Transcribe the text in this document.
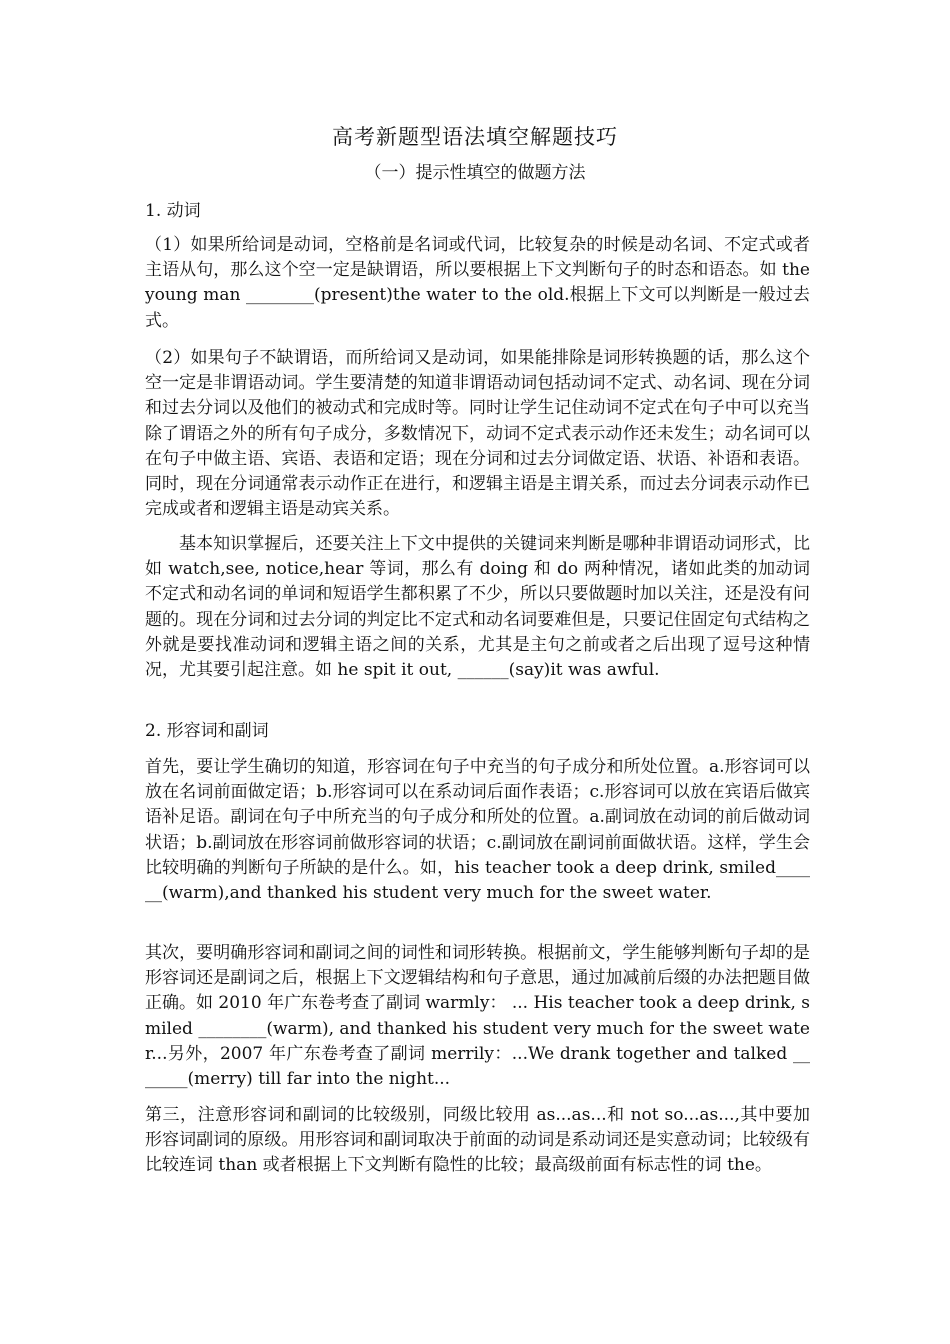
高考新题型语法填空解题技巧
（一）提示性填空的做题方法
1. 动词
（1）如果所给词是动词，空格前是名词或代词，比较复杂的时候是动名词、不定式或者主语从句，那么这个空一定是缺谓语，所以要根据上下文判断句子的时态和语态。如 the young man ________(present)the water to the old.根据上下文可以判断是一般过去式。
（2）如果句子不缺谓语，而所给词又是动词，如果能排除是词形转换题的话，那么这个空一定是非谓语动词。学生要清楚的知道非谓语动词包括动词不定式、动名词、现在分词和过去分词以及他们的被动式和完成时等。同时让学生记住动词不定式在句子中可以充当除了谓语之外的所有句子成分，多数情况下，动词不定式表示动作还未发生；动名词可以在句子中做主语、宾语、表语和定语；现在分词和过去分词做定语、状语、补语和表语。同时，现在分词通常表示动作正在进行，和逻辑主语是主谓关系，而过去分词表示动作已完成或者和逻辑主语是动宾关系。
基本知识掌握后，还要关注上下文中提供的关键词来判断是哪种非谓语动词形式，比如 watch,see, notice,hear 等词，那么有 doing 和 do 两种情况，诸如此类的加动词不定式和动名词的单词和短语学生都积累了不少，所以只要做题时加以关注，还是没有问题的。现在分词和过去分词的判定比不定式和动名词要难但是，只要记住固定句式结构之外就是要找准动词和逻辑主语之间的关系，尤其是主句之前或者之后出现了逗号这种情况，尤其要引起注意。如 he spit it out, ______(say)it was awful.
2. 形容词和副词
首先，要让学生确切的知道，形容词在句子中充当的句子成分和所处位置。a.形容词可以放在名词前面做定语；b.形容词可以在系动词后面作表语；c.形容词可以放在宾语后做宾语补足语。副词在句子中所充当的句子成分和所处的位置。a.副词放在动词的前后做动词状语；b.副词放在形容词前做形容词的状语；c.副词放在副词前面做状语。这样，学生会比较明确的判断句子所缺的是什么。如，his teacher took a deep drink, smiled______(warm),and thanked his student very much for the sweet water.
其次，要明确形容词和副词之间的词性和词形转换。根据前文，学生能够判断句子却的是形容词还是副词之后，根据上下文逻辑结构和句子意思，通过加减前后缀的办法把题目做正确。如 2010 年广东卷考查了副词 warmly： ... His teacher took a deep drink, smiled ________(warm), and thanked his student very much for the sweet water...另外，2007 年广东卷考查了副词 merrily：...We drank together and talked _______(merry) till far into the night...
第三，注意形容词和副词的比较级别，同级比较用 as...as...和 not so...as...,其中要加形容词副词的原级。用形容词和副词取决于前面的动词是系动词还是实意动词；比较级有比较连词 than 或者根据上下文判断有隐性的比较；最高级前面有标志性的词 the。
